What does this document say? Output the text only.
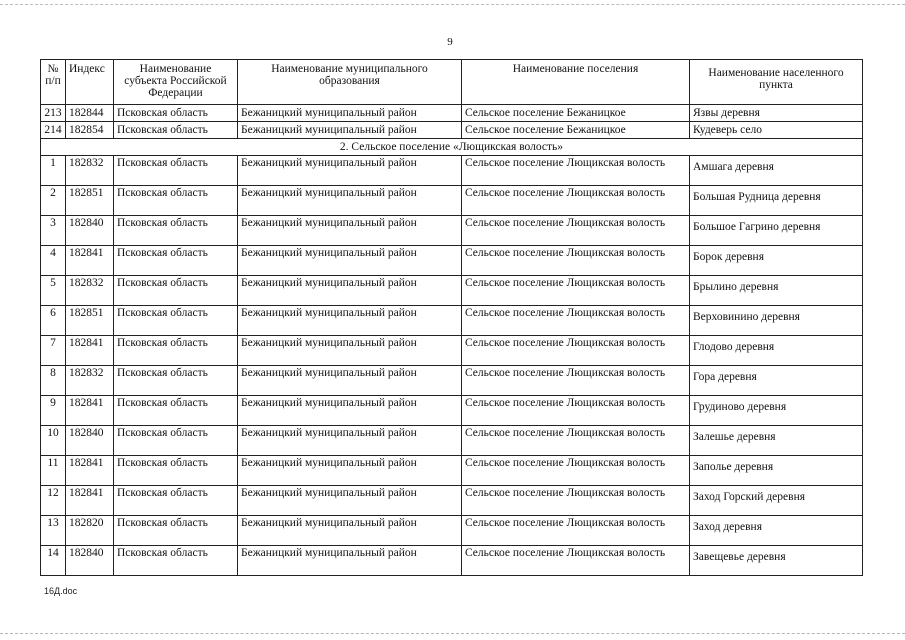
9
№ п/п	Индекс	Наименование субъекта Российской Федерации	Наименование муниципального образования	Наименование поселения	Наименование населенного пункта
213	182844	Псковская область	Бежаницкий муниципальный район	Сельское поселение Бежаницкое	Язвы деревня
214	182854	Псковская область	Бежаницкий муниципальный район	Сельское поселение Бежаницкое	Кудеверь село
2. Сельское поселение «Лющикская волость»					
1	182832	Псковская область	Бежаницкий муниципальный район	Сельское поселение Лющикская волость	Амшага деревня
2	182851	Псковская область	Бежаницкий муниципальный район	Сельское поселение Лющикская волость	Большая Рудница деревня
3	182840	Псковская область	Бежаницкий муниципальный район	Сельское поселение Лющикская волость	Большое Гагрино деревня
4	182841	Псковская область	Бежаницкий муниципальный район	Сельское поселение Лющикская волость	Борок деревня
5	182832	Псковская область	Бежаницкий муниципальный район	Сельское поселение Лющикская волость	Брылино деревня
6	182851	Псковская область	Бежаницкий муниципальный район	Сельское поселение Лющикская волость	Верховинино деревня
7	182841	Псковская область	Бежаницкий муниципальный район	Сельское поселение Лющикская волость	Глодово деревня
8	182832	Псковская область	Бежаницкий муниципальный район	Сельское поселение Лющикская волость	Гора деревня
9	182841	Псковская область	Бежаницкий муниципальный район	Сельское поселение Лющикская волость	Грудиново деревня
10	182840	Псковская область	Бежаницкий муниципальный район	Сельское поселение Лющикская волость	Залешье деревня
11	182841	Псковская область	Бежаницкий муниципальный район	Сельское поселение Лющикская волость	Заполье деревня
12	182841	Псковская область	Бежаницкий муниципальный район	Сельское поселение Лющикская волость	Заход Горский деревня
13	182820	Псковская область	Бежаницкий муниципальный район	Сельское поселение Лющикская волость	Заход деревня
14	182840	Псковская область	Бежаницкий муниципальный район	Сельское поселение Лющикская волость	Завещевье деревня
16Д.doc
